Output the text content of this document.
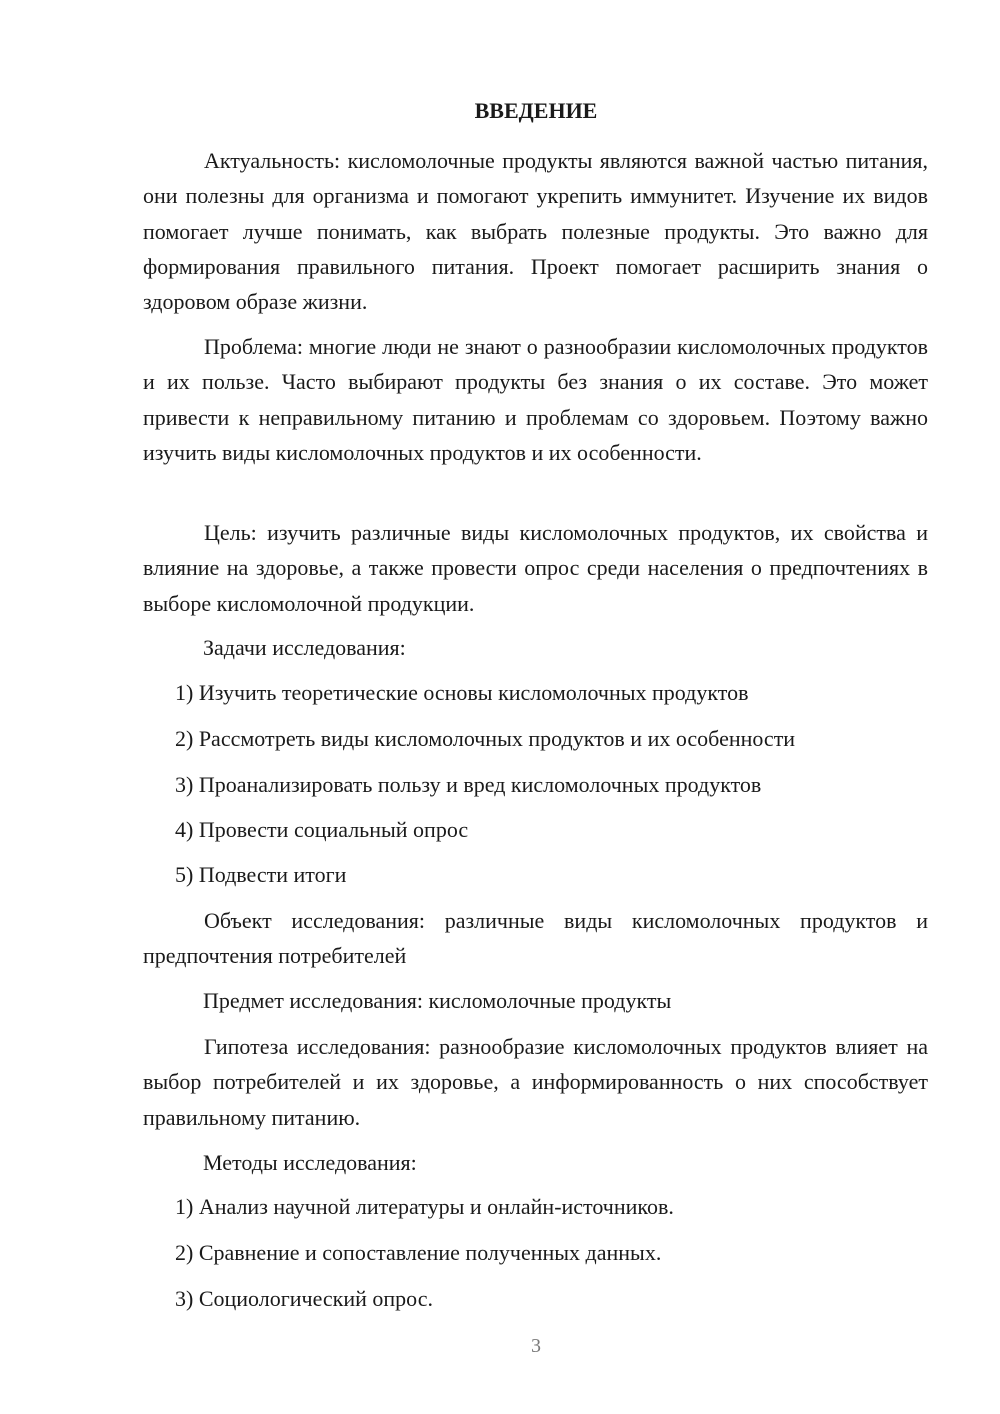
ВВЕДЕНИЕ

Актуальность: кисломолочные продукты являются важной частью питания, они полезны для организма и помогают укрепить иммунитет. Изучение их видов помогает лучше понимать, как выбрать полезные продукты. Это важно для формирования правильного питания. Проект помогает расширить знания о здоровом образе жизни.

Проблема: многие люди не знают о разнообразии кисломолочных продуктов и их пользе. Часто выбирают продукты без знания о их составе. Это может привести к неправильному питанию и проблемам со здоровьем. Поэтому важно изучить виды кисломолочных продуктов и их особенности.

Цель: изучить различные виды кисломолочных продуктов, их свойства и влияние на здоровье, а также провести опрос среди населения о предпочтениях в выборе кисломолочной продукции.

Задачи исследования:

1) Изучить теоретические основы кисломолочных продуктов

2) Рассмотреть виды кисломолочных продуктов и их особенности

3) Проанализировать пользу и вред кисломолочных продуктов

4) Провести социальный опрос

5) Подвести итоги

Объект исследования: различные виды кисломолочных продуктов и предпочтения потребителей

Предмет исследования: кисломолочные продукты

Гипотеза исследования: разнообразие кисломолочных продуктов влияет на выбор потребителей и их здоровье, а информированность о них способствует правильному питанию.

Методы исследования:

1) Анализ научной литературы и онлайн-источников.

2) Сравнение и сопоставление полученных данных.

3) Социологический опрос.

3
